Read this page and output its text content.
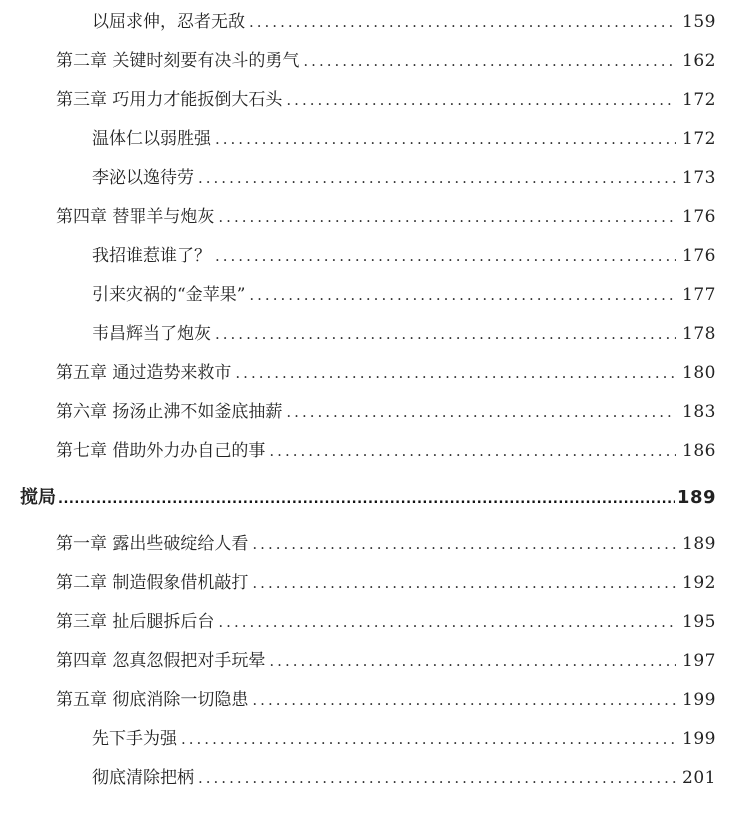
以屈求伸，忍者无敌 .....	159
第二章 关键时刻要有决斗的勇气 .....	162
第三章 巧用力才能扳倒大石头 .....	172
温体仁以弱胜强 .....	172
李泌以逸待劳 .....	173
第四章 替罪羊与炮灰 .....	176
我招谁惹谁了？ .....	176
引来灾祸的“金苹果” .....	177
韦昌辉当了炮灰 .....	178
第五章 通过造势来救市 .....	180
第六章 扬汤止沸不如釜底抽薪 .....	183
第七章 借助外力办自己的事 .....	186
搅局 .....	189
第一章 露出些破绽给人看 .....	189
第二章 制造假象借机敲打 .....	192
第三章 扯后腿拆后台 .....	195
第四章 忽真忽假把对手玩晕 .....	197
第五章 彻底消除一切隐患 .....	199
先下手为强 .....	199
彻底清除把柄 .....	201
